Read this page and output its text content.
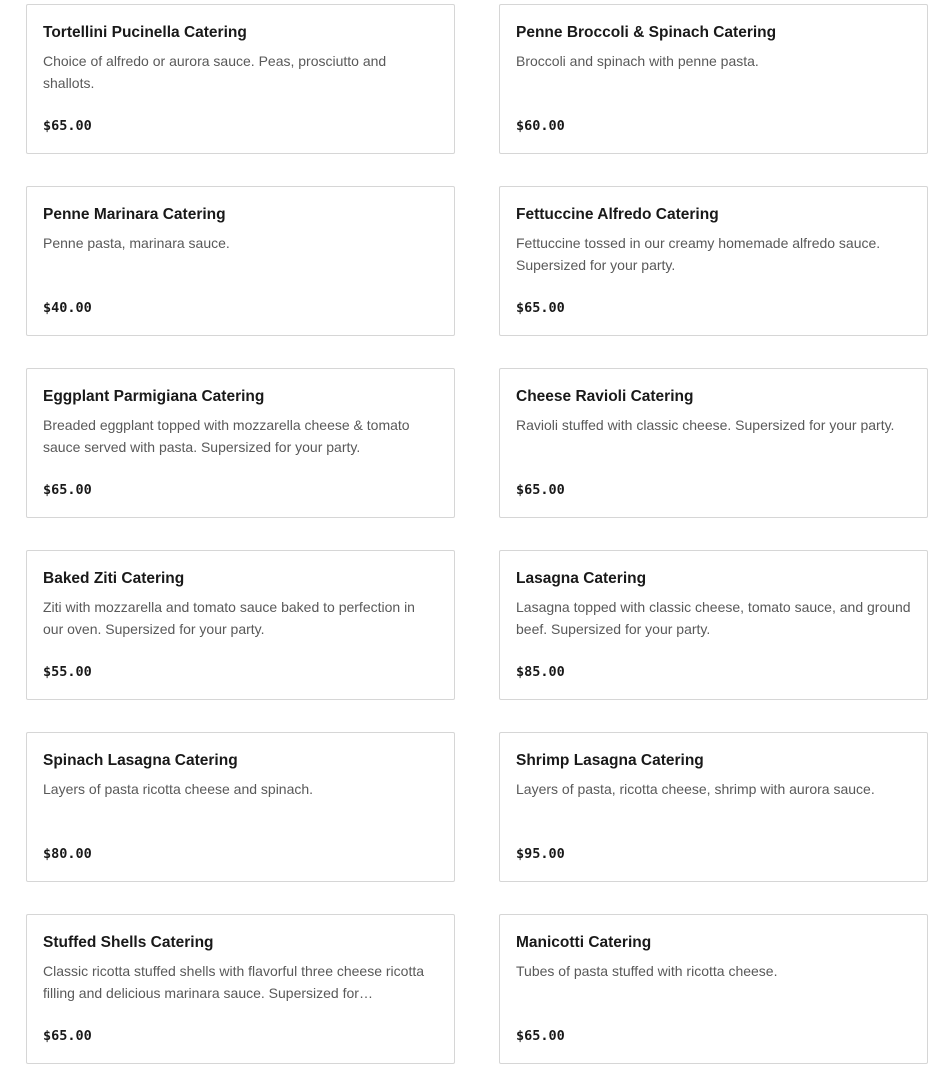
Tortellini Pucinella Catering
Choice of alfredo or aurora sauce. Peas, prosciutto and shallots.
$65.00
Penne Broccoli & Spinach Catering
Broccoli and spinach with penne pasta.
$60.00
Penne Marinara Catering
Penne pasta, marinara sauce.
$40.00
Fettuccine Alfredo Catering
Fettuccine tossed in our creamy homemade alfredo sauce. Supersized for your party.
$65.00
Eggplant Parmigiana Catering
Breaded eggplant topped with mozzarella cheese & tomato sauce served with pasta. Supersized for your party.
$65.00
Cheese Ravioli Catering
Ravioli stuffed with classic cheese. Supersized for your party.
$65.00
Baked Ziti Catering
Ziti with mozzarella and tomato sauce baked to perfection in our oven. Supersized for your party.
$55.00
Lasagna Catering
Lasagna topped with classic cheese, tomato sauce, and ground beef. Supersized for your party.
$85.00
Spinach Lasagna Catering
Layers of pasta ricotta cheese and spinach.
$80.00
Shrimp Lasagna Catering
Layers of pasta, ricotta cheese, shrimp with aurora sauce.
$95.00
Stuffed Shells Catering
Classic ricotta stuffed shells with flavorful three cheese ricotta filling and delicious marinara sauce. Supersized for…
$65.00
Manicotti Catering
Tubes of pasta stuffed with ricotta cheese.
$65.00
